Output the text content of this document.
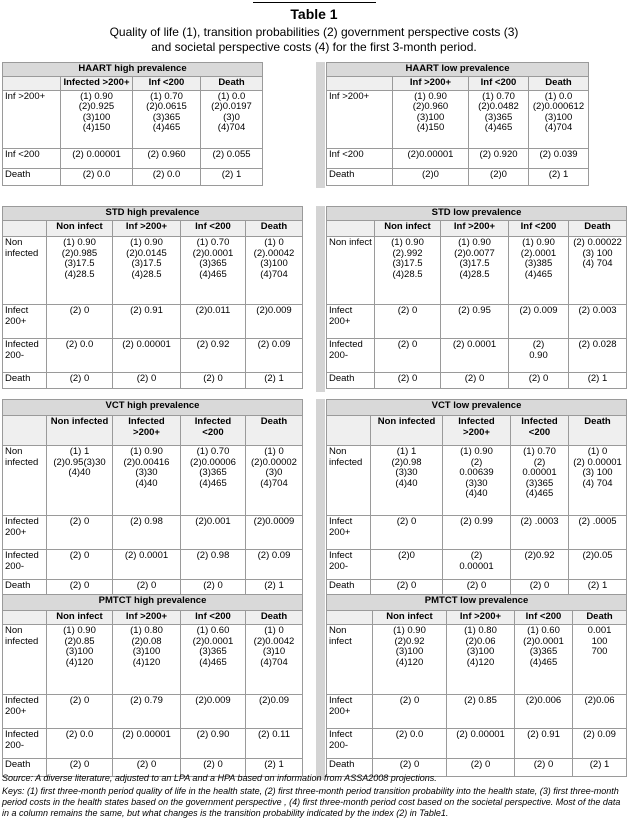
Table 1
Quality of life (1), transition probabilities (2) government perspective costs (3)
and societal perspective costs (4) for the first 3-month period.
HAART high prevalence			
	Infected >200+	Inf <200	Death
Inf >200+	(1) 0.90
(2)0.925
(3)100
(4)150	(1) 0.70
(2)0.0615
(3)365
(4)465	(1) 0.0
(2)0.0197
(3)0
(4)704

Inf <200	(2) 0.00001	(2) 0.960	(2) 0.055

Death	(2) 0.0	(2) 0.0	(2) 1
HAART low prevalence			
	Inf >200+	Inf <200	Death
Inf >200+	(1) 0.90
(2)0.960
(3)100
(4)150	(1) 0.70
(2)0.0482
(3)365
(4)465	(1) 0.0
(2)0.000612
(3)100
(4)704

Inf <200	(2)0.00001	(2) 0.920	(2) 0.039

Death	(2)0	(2)0	(2) 1
STD high prevalence				
	Non infect	Inf >200+	Inf <200	Death
Non infected	(1) 0.90
(2)0.985
(3)17.5
(4)28.5	(1) 0.90
(2)0.0145
(3)17.5
(4)28.5	(1) 0.70
(2)0.0001
(3)365
(4)465	(1) 0
(2).00042
(3)100
(4)704

Infect 200+	(2) 0	(2) 0.91	(2)0.011	(2)0.009

Infected 200-	(2) 0.0	(2) 0.00001	(2) 0.92	(2) 0.09

Death	(2) 0	(2) 0	(2) 0	(2) 1
STD low prevalence				
	Non infect	Inf >200+	Inf <200	Death
Non infect	(1) 0.90
(2).992
(3)17.5
(4)28.5	(1) 0.90
(2)0.0077
(3)17.5
(4)28.5	(1) 0.90
(2).0001
(3)385
(4)465	(2) 0.00022
(3) 100
(4) 704

Infect 200+	(2) 0	(2) 0.95	(2) 0.009	(2) 0.003

Infected 200-	(2) 0	(2) 0.0001	(2)
0.90	(2) 0.028

Death	(2) 0	(2) 0	(2) 0	(2) 1
VCT high prevalence				
	Non infected	Infected >200+	Infected <200	Death
Non infected	(1) 1
(2)0.95(3)30
(4)40	(1) 0.90
(2)0.00416
(3)30
(4)40	(1) 0.70
(2)0.00006
(3)365
(4)465	(1) 0
(2)0.00002
(3)0
(4)704

Infected 200+	(2) 0	(2) 0.98	(2)0.001	(2)0.0009

Infected 200-	(2) 0	(2) 0.0001	(2) 0.98	(2) 0.09

Death	(2) 0	(2) 0	(2) 0	(2) 1
VCT low prevalence				
	Non infected	Infected >200+	Infected <200	Death
Non infected	(1) 1
(2)0.98
(3)30
(4)40	(1) 0.90
(2)
0.00639
(3)30
(4)40	(1) 0.70
(2)
0.00001
(3)365
(4)465	(1) 0
(2) 0.00001
(3) 100
(4) 704

Infect 200+	(2) 0	(2) 0.99	(2) .0003	(2) .0005

Infect 200-	(2)0	(2)
0.00001	(2)0.92	(2)0.05

Death	(2) 0	(2) 0	(2) 0	(2) 1
PMTCT high prevalence				
	Non infect	Inf >200+	Inf <200	Death
Non infected	(1) 0.90
(2)0.85
(3)100
(4)120	(1) 0.80
(2)0.08
(3)100
(4)120	(1) 0.60
(2)0.0001
(3)365
(4)465	(1) 0
(2)0.0042
(3)10
(4)704

Infected 200+	(2) 0	(2) 0.79	(2)0.009	(2)0.09

Infected 200-	(2) 0.0	(2) 0.00001	(2) 0.90	(2) 0.11

Death	(2) 0	(2) 0	(2) 0	(2) 1
PMTCT low prevalence				
	Non infect	Inf >200+	Inf <200	Death
Non infect	(1) 0.90
(2)0.92
(3)100
(4)120	(1) 0.80
(2)0.06
(3)100
(4)120	(1) 0.60
(2)0.0001
(3)365
(4)465	0.001
100
700

Infect 200+	(2) 0	(2) 0.85	(2)0.006	(2)0.06

Infect 200-	(2) 0.0	(2) 0.00001	(2) 0.91	(2) 0.09

Death	(2) 0	(2) 0	(2) 0	(2) 1
Source: A diverse literature, adjusted to an LPA and a HPA based on information from ASSA2008 projections.
Keys: (1) first three-month period quality of life in the health state, (2) first three-month period transition probability into the health state, (3) first three-month period costs in the health states based on the government perspective , (4) first three-month period cost based on the societal perspective. Most of the data in a column remains the same, but what changes is the transition probability indicated by the index (2) in Table1.
